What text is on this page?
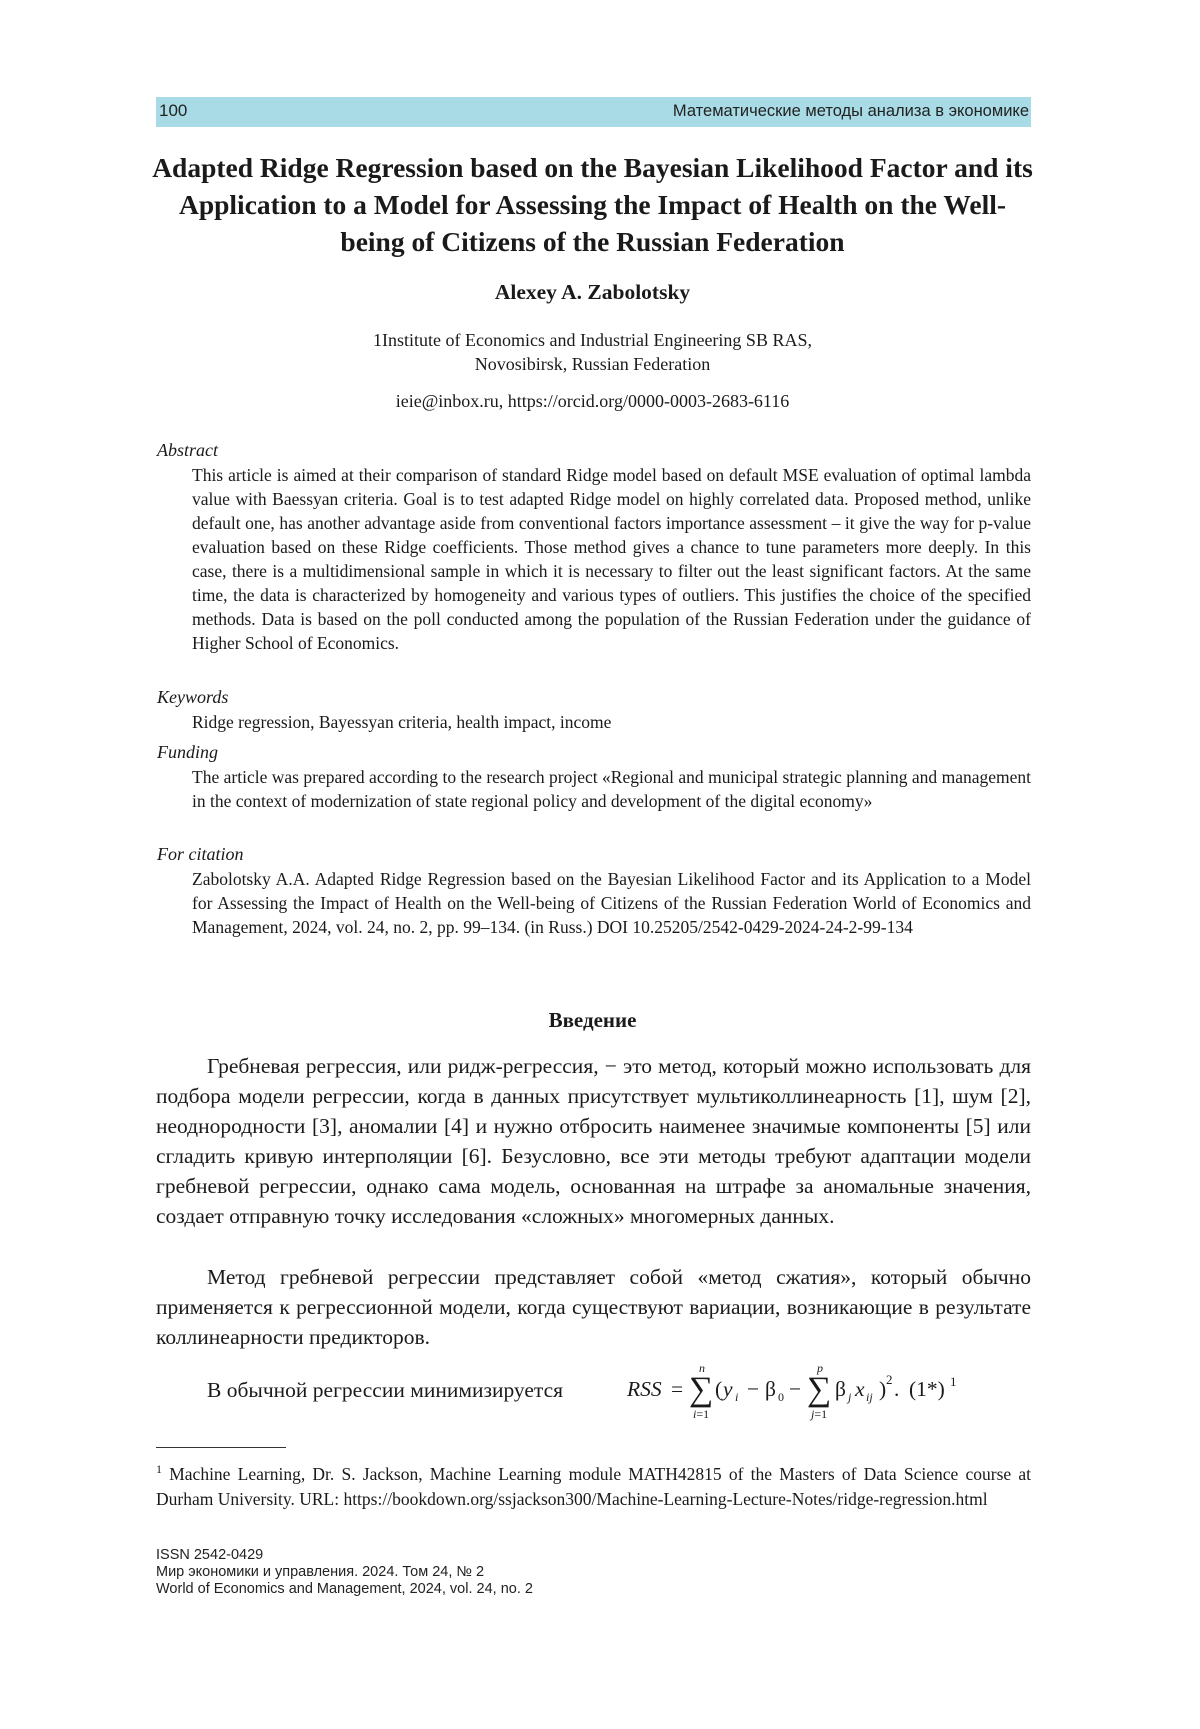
100	Математические методы анализа в экономике
Adapted Ridge Regression based on the Bayesian Likelihood Factor and its Application to a Model for Assessing the Impact of Health on the Well-being of Citizens of the Russian Federation
Alexey A. Zabolotsky
1Institute of Economics and Industrial Engineering SB RAS,
Novosibirsk, Russian Federation
ieie@inbox.ru, https://orcid.org/0000-0003-2683-6116
Abstract

This article is aimed at their comparison of standard Ridge model based on default MSE evaluation of optimal lambda value with Baessyan criteria. Goal is to test adapted Ridge model on highly correlated data. Proposed method, unlike default one, has another advantage aside from conventional factors importance assessment – it give the way for p-value evaluation based on these Ridge coefficients. Those method gives a chance to tune parameters more deeply. In this case, there is a multidimensional sample in which it is necessary to filter out the least significant factors. At the same time, the data is characterized by homogeneity and various types of outliers. This justifies the choice of the specified methods. Data is based on the poll conducted among the population of the Russian Federation under the guidance of Higher School of Economics.

Keywords

Ridge regression, Bayessyan criteria, health impact, income

Funding

The article was prepared according to the research project «Regional and municipal strategic planning and management in the context of modernization of state regional policy and development of the digital economy»

For citation

Zabolotsky A.A. Adapted Ridge Regression based on the Bayesian Likelihood Factor and its Application to a Model for Assessing the Impact of Health on the Well-being of Citizens of the Russian Federation World of Economics and Management, 2024, vol. 24, no. 2, pp. 99–134. (in Russ.) DOI 10.25205/2542-0429-2024-24-2-99-134

Введение

Гребневая регрессия, или ридж-регрессия, − это метод, который можно использовать для подбора модели регрессии, когда в данных присутствует мультиколлинеарность [1], шум [2], неоднородности [3], аномалии [4] и нужно отбросить наименее значимые компоненты [5] или сгладить кривую интерполяции [6]. Безусловно, все эти методы требуют адаптации модели гребневой регрессии, однако сама модель, основанная на штрафе за аномальные значения, создает отправную точку исследования «сложных» многомерных данных.

Метод гребневой регрессии представляет собой «метод сжатия», который обычно применяется к регрессионной модели, когда существуют вариации, возникающие в результате коллинеарности предикторов.

В обычной регрессии минимизируется	RSS = ∑
n
i=1
( y i − β 0 − ∑
p
j=1
β j x ij ) 2 . (1*) 1
$^1$ Machine Learning, Dr. S. Jackson, Machine Learning module MATH42815 of the Masters of Data Science course at Durham University. URL: https://bookdown.org/ssjackson300/Machine-Learning-Lecture-Notes/ridge-regression.html
ISSN 2542-0429
Мир экономики и управления. 2024. Том 24, № 2
World of Economics and Management, 2024, vol. 24, no. 2
